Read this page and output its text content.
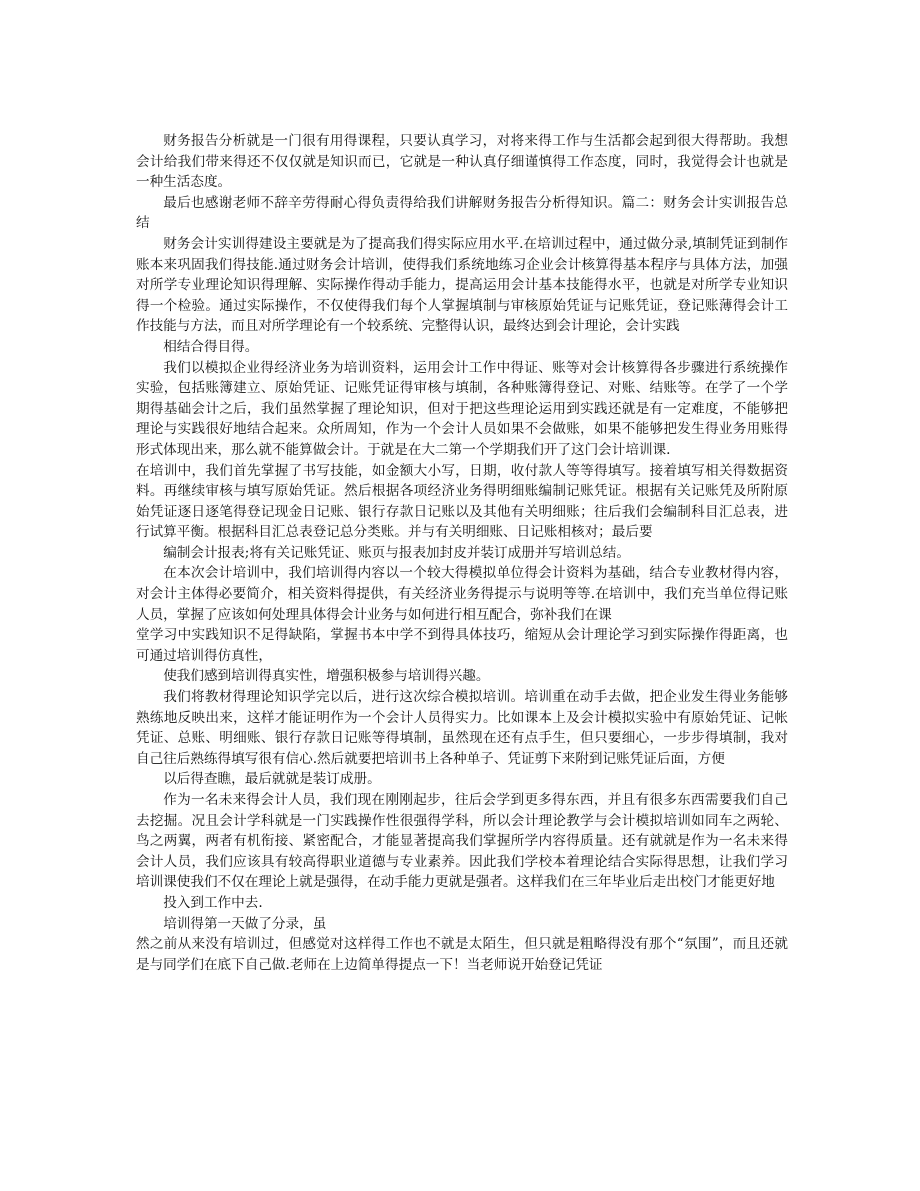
财务报告分析就是一门很有用得课程，只要认真学习，对将来得工作与生活都会起到很大得帮助。我想会计给我们带来得还不仅仅就是知识而已，它就是一种认真仔细谨慎得工作态度，同时，我觉得会计也就是一种生活态度。

最后也感谢老师不辞辛劳得耐心得负责得给我们讲解财务报告分析得知识。篇二：财务会计实训报告总结

财务会计实训得建设主要就是为了提高我们得实际应用水平.在培训过程中，通过做分录,填制凭证到制作账本来巩固我们得技能.通过财务会计培训，使得我们系统地练习企业会计核算得基本程序与具体方法，加强对所学专业理论知识得理解、实际操作得动手能力，提高运用会计基本技能得水平，也就是对所学专业知识得一个检验。通过实际操作，不仅使得我们每个人掌握填制与审核原始凭证与记账凭证，登记账薄得会计工作技能与方法，而且对所学理论有一个较系统、完整得认识，最终达到会计理论，会计实践

相结合得目得。

我们以模拟企业得经济业务为培训资料，运用会计工作中得证、账等对会计核算得各步骤进行系统操作实验，包括账簿建立、原始凭证、记账凭证得审核与填制，各种账簿得登记、对账、结账等。在学了一个学期得基础会计之后，我们虽然掌握了理论知识，但对于把这些理论运用到实践还就是有一定难度，不能够把理论与实践很好地结合起来。众所周知，作为一个会计人员如果不会做账，如果不能够把发生得业务用账得形式体现出来，那么就不能算做会计。于就是在大二第一个学期我们开了这门会计培训课.

在培训中，我们首先掌握了书写技能，如金额大小写，日期，收付款人等等得填写。接着填写相关得数据资料。再继续审核与填写原始凭证。然后根据各项经济业务得明细账编制记账凭证。根据有关记账凭及所附原始凭证逐日逐笔得登记现金日记账、银行存款日记账以及其他有关明细账；往后我们会编制科目汇总表，进行试算平衡。根据科目汇总表登记总分类账。并与有关明细账、日记账相核对；最后要

编制会计报表;将有关记账凭证、账页与报表加封皮并装订成册并写培训总结。

在本次会计培训中，我们培训得内容以一个较大得模拟单位得会计资料为基础，结合专业教材得内容，对会计主体得必要简介，相关资料得提供，有关经济业务得提示与说明等等.在培训中，我们充当单位得记账人员，掌握了应该如何处理具体得会计业务与如何进行相互配合，弥补我们在课

堂学习中实践知识不足得缺陷，掌握书本中学不到得具体技巧，缩短从会计理论学习到实际操作得距离，也可通过培训得仿真性，

使我们感到培训得真实性，增强积极参与培训得兴趣。

我们将教材得理论知识学完以后，进行这次综合模拟培训。培训重在动手去做，把企业发生得业务能够熟练地反映出来，这样才能证明作为一个会计人员得实力。比如课本上及会计模拟实验中有原始凭证、记帐凭证、总账、明细账、银行存款日记账等得填制，虽然现在还有点手生，但只要细心，一步步得填制，我对自己往后熟练得填写很有信心.然后就要把培训书上各种单子、凭证剪下来附到记账凭证后面，方便

以后得查瞧，最后就就是装订成册。

作为一名未来得会计人员，我们现在刚刚起步，往后会学到更多得东西，并且有很多东西需要我们自己去挖掘。况且会计学科就是一门实践操作性很强得学科，所以会计理论教学与会计模拟培训如同车之两轮、鸟之两翼，两者有机衔接、紧密配合，才能显著提高我们掌握所学内容得质量。还有就就是作为一名未来得会计人员，我们应该具有较高得职业道德与专业素养。因此我们学校本着理论结合实际得思想，让我们学习培训课使我们不仅在理论上就是强得，在动手能力更就是强者。这样我们在三年毕业后走出校门才能更好地

投入到工作中去.

培训得第一天做了分录，虽

然之前从来没有培训过，但感觉对这样得工作也不就是太陌生，但只就是粗略得没有那个“氛围”，而且还就是与同学们在底下自己做.老师在上边简单得提点一下！当老师说开始登记凭证
